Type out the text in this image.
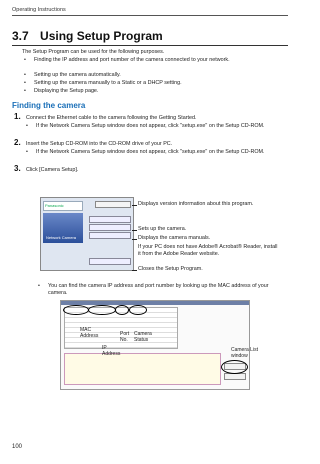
Operating Instructions
3.7 Using Setup Program
The Setup Program can be used for the following purposes.
• Finding the IP address and port number of the camera connected to your network.
• Setting up the camera automatically.
• Setting up the camera manually to a Static or a DHCP setting.
• Displaying the Setup page.
Finding the camera
1. Connect the Ethernet cable to the camera following the Getting Started.
• If the Network Camera Setup window does not appear, click "setup.exe" on the Setup CD-ROM.
2. Insert the Setup CD-ROM into the CD-ROM drive of your PC.
• If the Network Camera Setup window does not appear, click "setup.exe" on the Setup CD-ROM.
3. Click [Camera Setup].
Panasonic
Network Camera
Displays version information about this program.
Sets up the camera.
Displays the camera manuals.
If your PC does not have Adobe® Acrobat® Reader, install it from the Adobe Reader website.
Closes the Setup Program.
• You can find the camera IP address and port number by looking up the MAC address of your camera.
MAC Address
IP Address
Port No.
Camera Status
Camera List window
100
